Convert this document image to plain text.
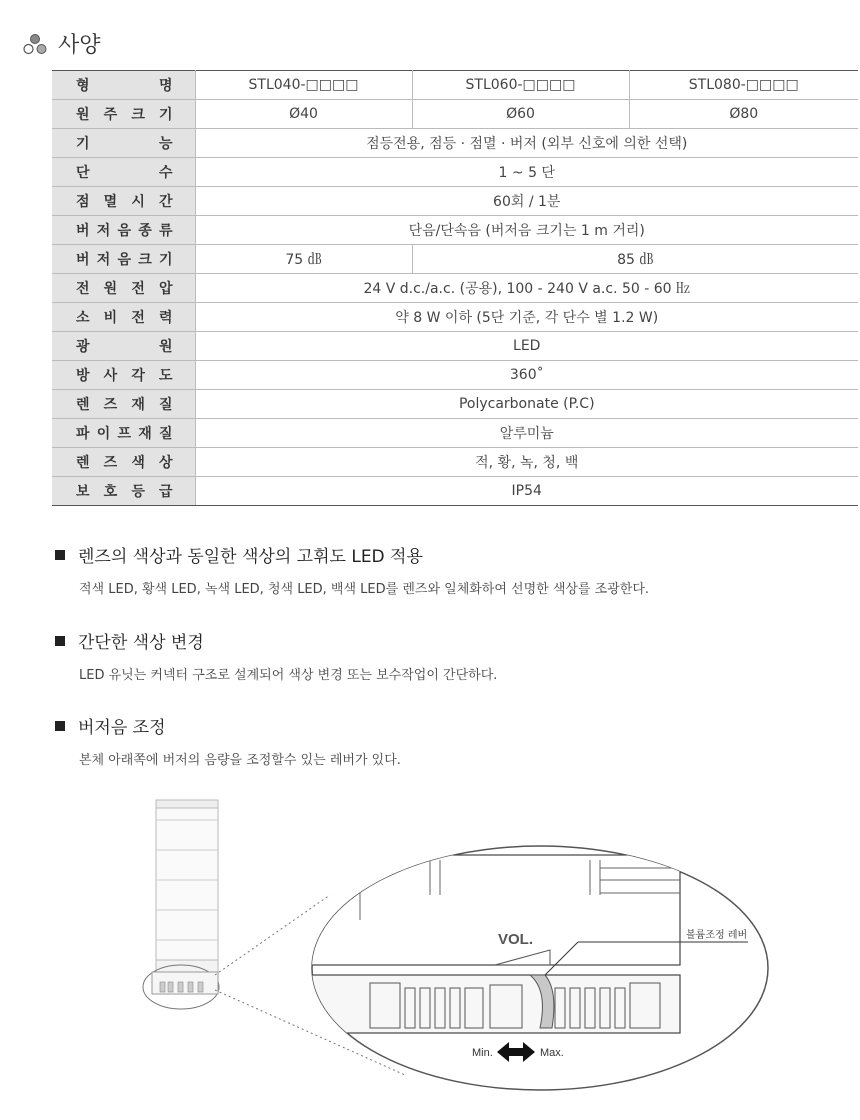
사양
형 명	STL040-□□□□	STL060-□□□□	STL080-□□□□

원 주 크 기	Ø40	Ø60	Ø80

기 능	점등전용, 점등 · 점멸 · 버저 (외부 신호에 의한 선택)		

단 수	1 ~ 5 단		

점 멸 시 간	60회 / 1분		

버 저 음 종 류	단음/단속음 (버저음 크기는 1 m 거리)		

버 저 음 크 기	75 ㏈	85 ㏈	

전 원 전 압	24 V d.c./a.c. (공용), 100 - 240 V a.c. 50 - 60 ㎐		

소 비 전 력	약 8 W 이하 (5단 기준, 각 단수 별 1.2 W)		

광 원	LED		

방 사 각 도	360˚		

렌 즈 재 질	Polycarbonate (P.C)		

파 이 프 재 질	알루미늄		

렌 즈 색 상	적, 황, 녹, 청, 백		

보 호 등 급	IP54		
렌즈의 색상과 동일한 색상의 고휘도 LED 적용
적색 LED, 황색 LED, 녹색 LED, 청색 LED, 백색 LED를 렌즈와 일체화하여 선명한 색상를 조광한다.
간단한 색상 변경
LED 유닛는 커넥터 구조로 설계되어 색상 변경 또는 보수작업이 간단하다.
버저음 조정
본체 아래쪽에 버저의 음량을 조정할수 있는 레버가 있다.
VOL.	볼륨조정 레버
Min.	Max.
